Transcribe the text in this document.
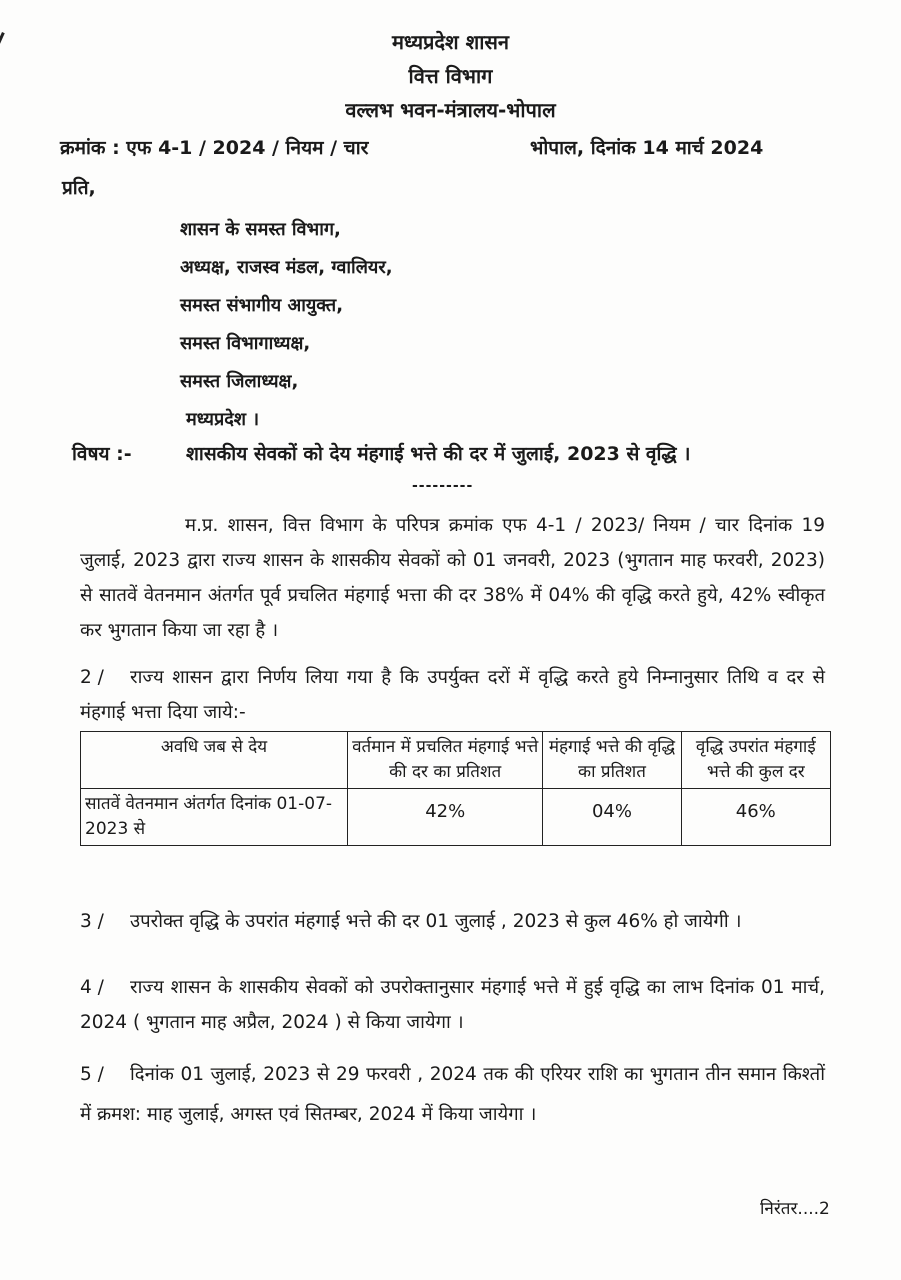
मध्यप्रदेश शासन
वित्त विभाग
वल्लभ भवन-मंत्रालय-भोपाल
क्रमांक : एफ 4-1 / 2024 / नियम / चार	भोपाल, दिनांक 14 मार्च 2024
प्रति,
शासन के समस्त विभाग,
अध्यक्ष, राजस्व मंडल, ग्वालियर,
समस्त संभागीय आयुक्त,
समस्त विभागाध्यक्ष,
समस्त जिलाध्यक्ष,
मध्यप्रदेश ।
विषय :-	शासकीय सेवकों को देय मंहगाई भत्ते की दर में जुलाई, 2023 से वृद्धि ।
---------
म.प्र. शासन, वित्त विभाग के परिपत्र क्रमांक एफ 4-1 / 2023/ नियम / चार दिनांक 19 जुलाई, 2023 द्वारा राज्य शासन के शासकीय सेवकों को 01 जनवरी, 2023 (भुगतान माह फरवरी, 2023) से सातवें वेतनमान अंतर्गत पूर्व प्रचलित मंहगाई भत्ता की दर 38% में 04% की वृद्धि करते हुये, 42% स्वीकृत कर भुगतान किया जा रहा है ।
2 / राज्य शासन द्वारा निर्णय लिया गया है कि उपर्युक्त दरों में वृद्धि करते हुये निम्नानुसार तिथि व दर से मंहगाई भत्ता दिया जाये:-
अवधि जब से देय	वर्तमान में प्रचलित मंहगाई भत्ते की दर का प्रतिशत	मंहगाई भत्ते की वृद्धि का प्रतिशत	वृद्धि उपरांत मंहगाई भत्ते की कुल दर
सातवें वेतनमान अंतर्गत दिनांक 01-07-2023 से	42%	04%	46%
3 / उपरोक्त वृद्धि के उपरांत मंहगाई भत्ते की दर 01 जुलाई , 2023 से कुल 46% हो जायेगी ।
4 / राज्य शासन के शासकीय सेवकों को उपरोक्तानुसार मंहगाई भत्ते में हुई वृद्धि का लाभ दिनांक 01 मार्च, 2024 ( भुगतान माह अप्रैल, 2024 ) से किया जायेगा ।
5 / दिनांक 01 जुलाई, 2023 से 29 फरवरी , 2024 तक की एरियर राशि का भुगतान तीन समान किश्तों में क्रमश: माह जुलाई, अगस्त एवं सितम्बर, 2024 में किया जायेगा ।
निरंतर....2
